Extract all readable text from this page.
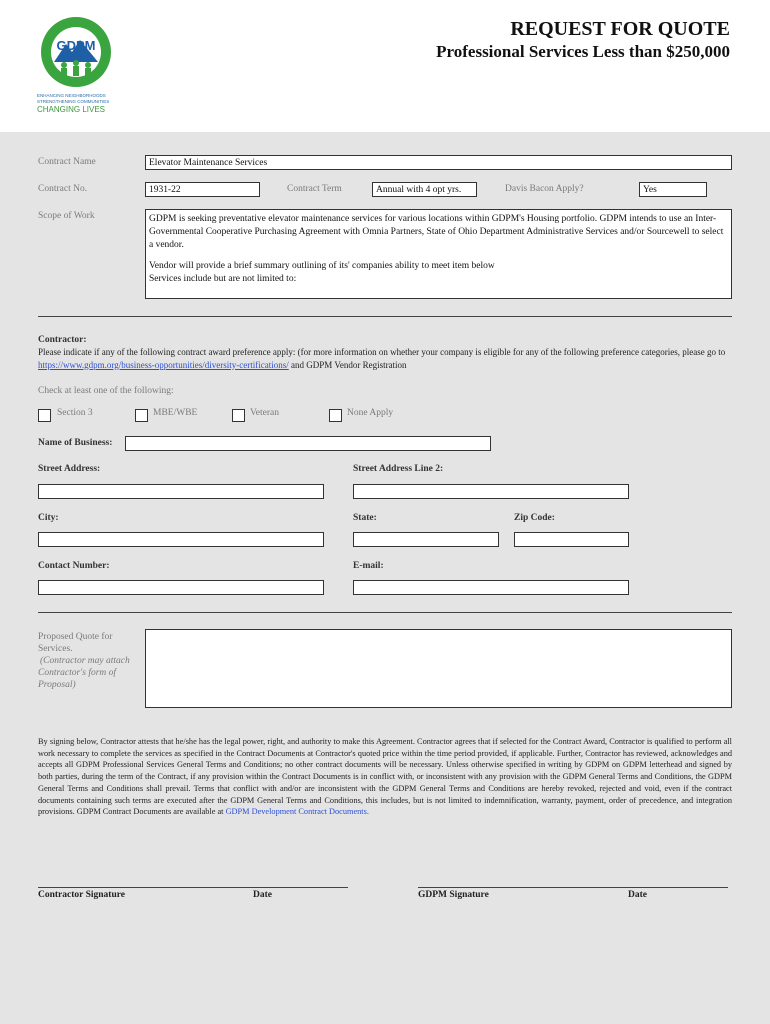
GDPM
ENHANCING NEIGHBORHOODS
STRENGTHENING COMMUNITIES
CHANGING LIVES
REQUEST FOR QUOTE
Professional Services Less than $250,000
Contract Name	Elevator Maintenance Services
Contract No.	1931-22	Contract Term	Annual with 4 opt yrs.	Davis Bacon Apply?	Yes
Scope of Work	GDPM is seeking preventative elevator maintenance services for various locations within GDPM's Housing portfolio. GDPM intends to use an Inter-Governmental Cooperative Purchasing Agreement with Omnia Partners, State of Ohio Department Administrative Services and/or Sourcewell to select a vendor.
Vendor will provide a brief summary outlining of its' companies ability to meet item below
Services include but are not limited to:
Contractor:
Please indicate if any of the following contract award preference apply: (for more information on whether your company is eligible for any of the following preference categories, please go to https://www.gdpm.org/business-opportunities/diversity-certifications/ and GDPM Vendor Registration
Check at least one of the following:
Section 3	MBE/WBE	Veteran	None Apply
Name of Business:
Street Address:	Street Address Line 2:
City:	State:	Zip Code:
Contact Number:	E-mail:
Proposed Quote for Services.
(Contractor may attach Contractor's form of Proposal)
By signing below, Contractor attests that he/she has the legal power, right, and authority to make this Agreement. Contractor agrees that if selected for the Contract Award, Contractor is qualified to perform all work necessary to complete the services as specified in the Contract Documents at Contractor's quoted price within the time period provided, if applicable. Further, Contractor has reviewed, acknowledges and accepts all GDPM Professional Services General Terms and Conditions; no other contract documents will be necessary. Unless otherwise specified in writing by GDPM on GDPM letterhead and signed by both parties, during the term of the Contract, if any provision within the Contract Documents is in conflict with, or inconsistent with any provision with the GDPM General Terms and Conditions, the GDPM General Terms and Conditions shall prevail. Terms that conflict with and/or are inconsistent with the GDPM General Terms and Conditions are hereby revoked, rejected and void, even if the contract documents containing such terms are executed after the GDPM General Terms and Conditions, this includes, but is not limited to indemnification, warranty, payment, order of precedence, and integration provisions. GDPM Contract Documents are available at GDPM Development Contract Documents.
Contractor Signature	Date	GDPM Signature	Date
